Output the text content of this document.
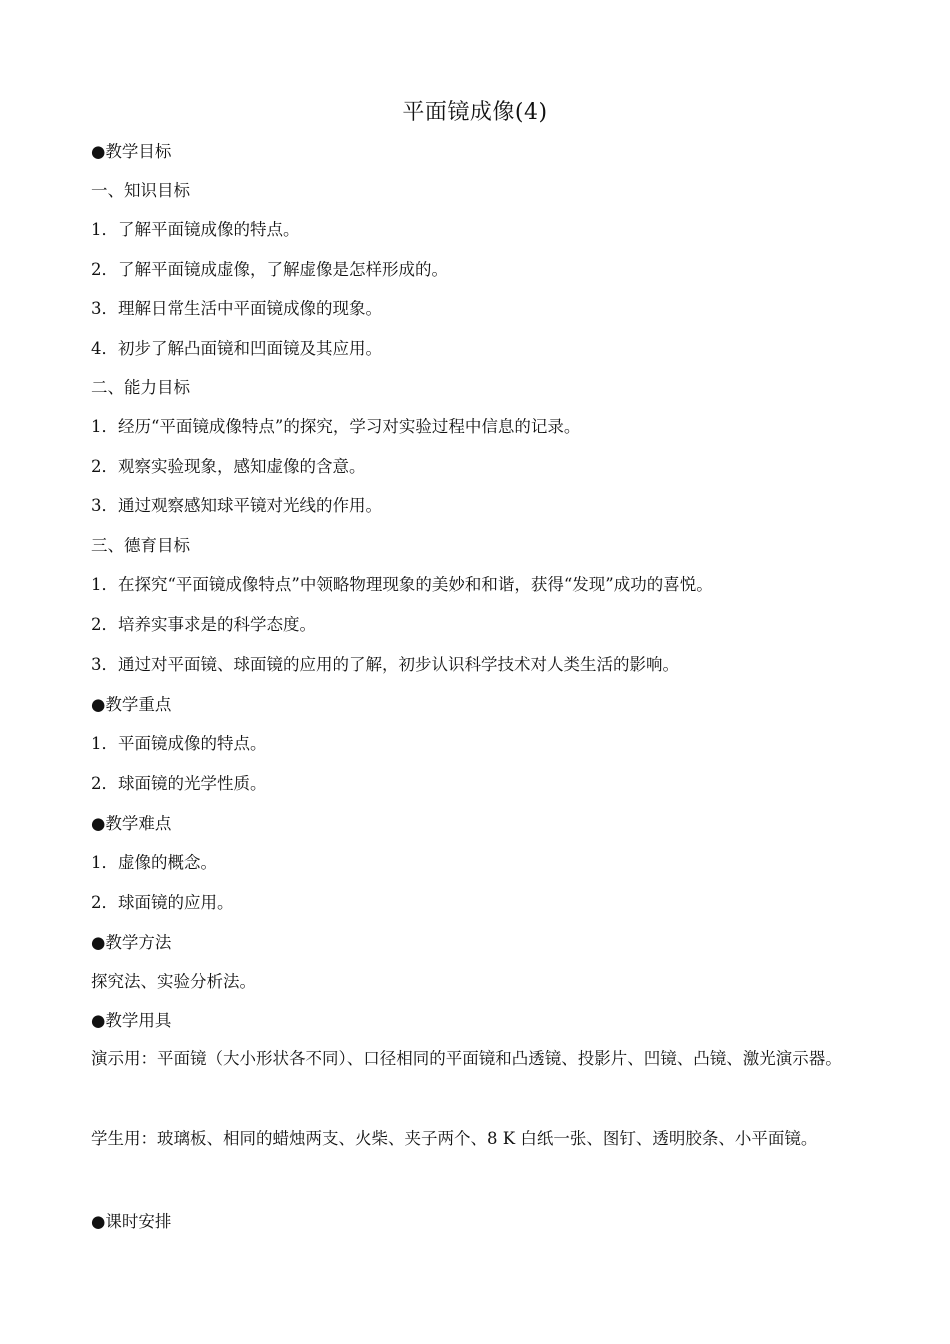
平面镜成像(4)

●教学目标

一、知识目标

1．了解平面镜成像的特点。

2．了解平面镜成虚像，了解虚像是怎样形成的。

3．理解日常生活中平面镜成像的现象。

4．初步了解凸面镜和凹面镜及其应用。

二、能力目标

1．经历“平面镜成像特点”的探究，学习对实验过程中信息的记录。

2．观察实验现象，感知虚像的含意。

3．通过观察感知球平镜对光线的作用。

三、德育目标

1．在探究“平面镜成像特点”中领略物理现象的美妙和和谐，获得“发现”成功的喜悦。

2．培养实事求是的科学态度。

3．通过对平面镜、球面镜的应用的了解，初步认识科学技术对人类生活的影响。

●教学重点

1．平面镜成像的特点。

2．球面镜的光学性质。

●教学难点

1．虚像的概念。

2．球面镜的应用。

●教学方法

探究法、实验分析法。

●教学用具

演示用：平面镜（大小形状各不同）、口径相同的平面镜和凸透镜、投影片、凹镜、凸镜、激光演示器。

学生用：玻璃板、相同的蜡烛两支、火柴、夹子两个、8 K 白纸一张、图钉、透明胶条、小平面镜。

●课时安排
